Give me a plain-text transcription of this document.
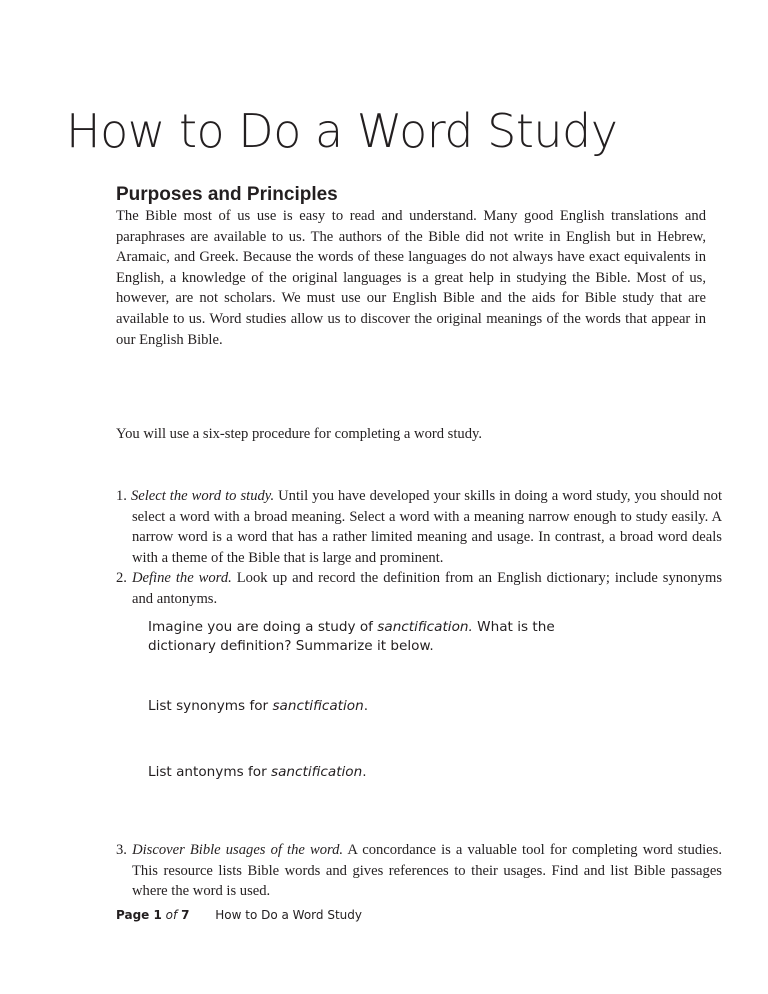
How to Do a Word Study
Purposes and Principles

The Bible most of us use is easy to read and understand. Many good English translations and paraphrases are available to us. The authors of the Bible did not write in English but in Hebrew, Aramaic, and Greek. Because the words of these languages do not always have exact equivalents in English, a knowledge of the original languages is a great help in studying the Bible. Most of us, however, are not scholars. We must use our English Bible and the aids for Bible study that are available to us. Word studies allow us to discover the original meanings of the words that appear in our English Bible.

You will use a six-step procedure for completing a word study.

1. Select the word to study. Until you have developed your skills in doing a word study, you should not select a word with a broad meaning. Select a word with a meaning narrow enough to study easily. A narrow word is a word that has a rather limited meaning and usage. In contrast, a broad word deals with a theme of the Bible that is large and prominent.

2. Define the word. Look up and record the definition from an English dictionary; include synonyms and antonyms.

Imagine you are doing a study of sanctification. What is the dictionary definition? Summarize it below.

List synonyms for sanctification.

List antonyms for sanctification.

3. Discover Bible usages of the word. A concordance is a valuable tool for completing word studies. This resource lists Bible words and gives references to their usages. Find and list Bible passages where the word is used.

Page 1 of 7 How to Do a Word Study
